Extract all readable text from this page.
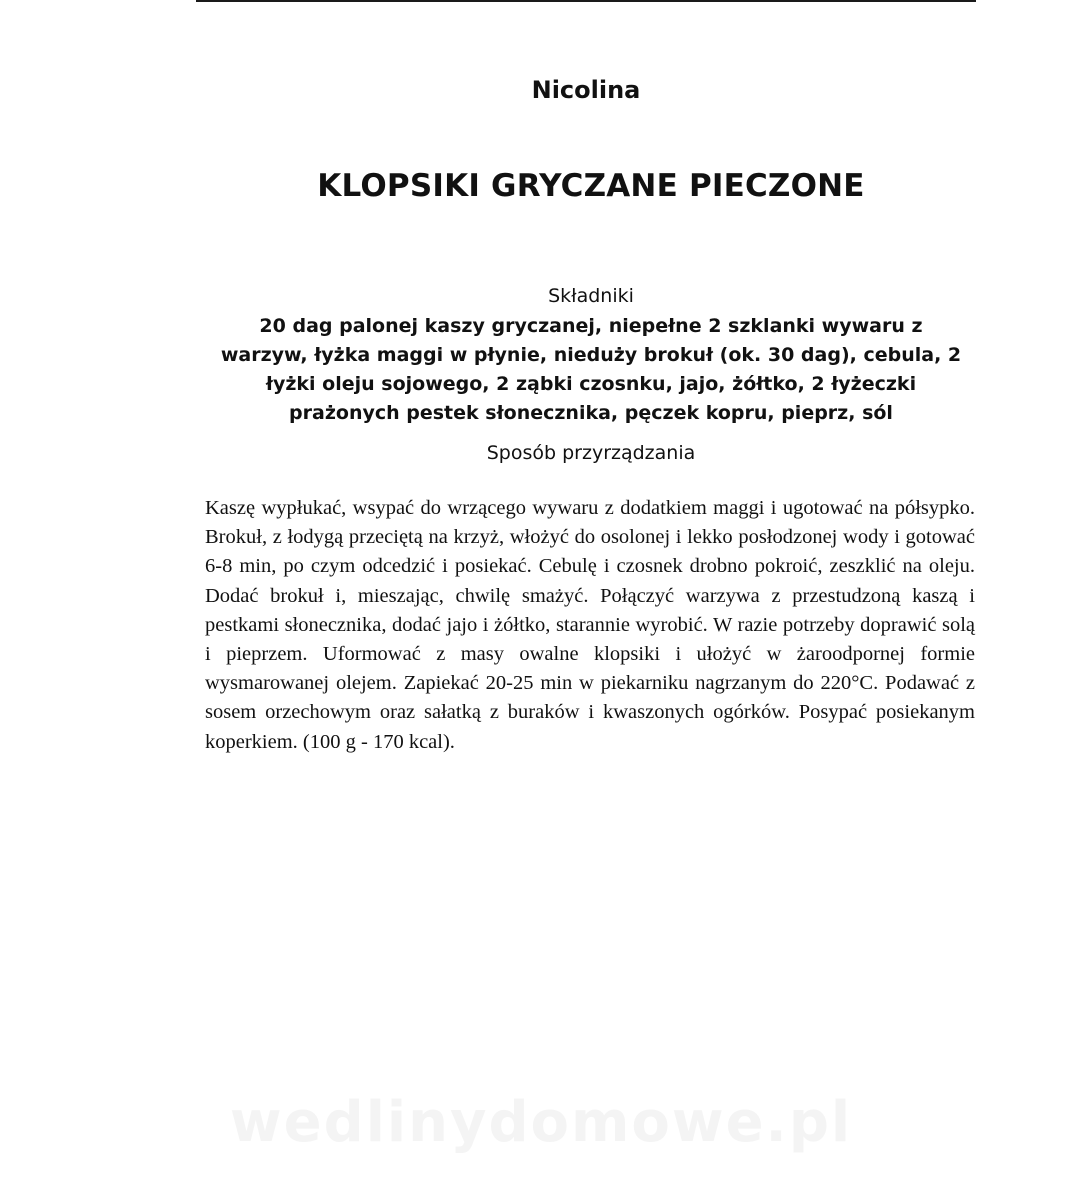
Nicolina
KLOPSIKI GRYCZANE PIECZONE
Składniki
20 dag palonej kaszy gryczanej, niepełne 2 szklanki wywaru z warzyw, łyżka maggi w płynie, nieduży brokuł (ok. 30 dag), cebula, 2 łyżki oleju sojowego, 2 ząbki czosnku, jajo, żółtko, 2 łyżeczki prażonych pestek słonecznika, pęczek kopru, pieprz, sól
Sposób przyrządzania
Kaszę wypłukać, wsypać do wrzącego wywaru z dodatkiem maggi i ugotować na półsypko. Brokuł, z łodygą przeciętą na krzyż, włożyć do osolonej i lekko posłodzonej wody i gotować 6-8 min, po czym odcedzić i posiekać. Cebulę i czosnek drobno pokroić, zeszklić na oleju. Dodać brokuł i, mieszając, chwilę smażyć. Połączyć warzywa z przestudzoną kaszą i pestkami słonecznika, dodać jajo i żółtko, starannie wyrobić. W razie potrzeby doprawić solą i pieprzem. Uformować z masy owalne klopsiki i ułożyć w żaroodpornej formie wysmarowanej olejem. Zapiekać 20-25 min w piekarniku nagrzanym do 220°C. Podawać z sosem orzechowym oraz sałatką z buraków i kwaszonych ogórków. Posypać posiekanym koperkiem. (100 g - 170 kcal).
wedlinydomowe.pl
